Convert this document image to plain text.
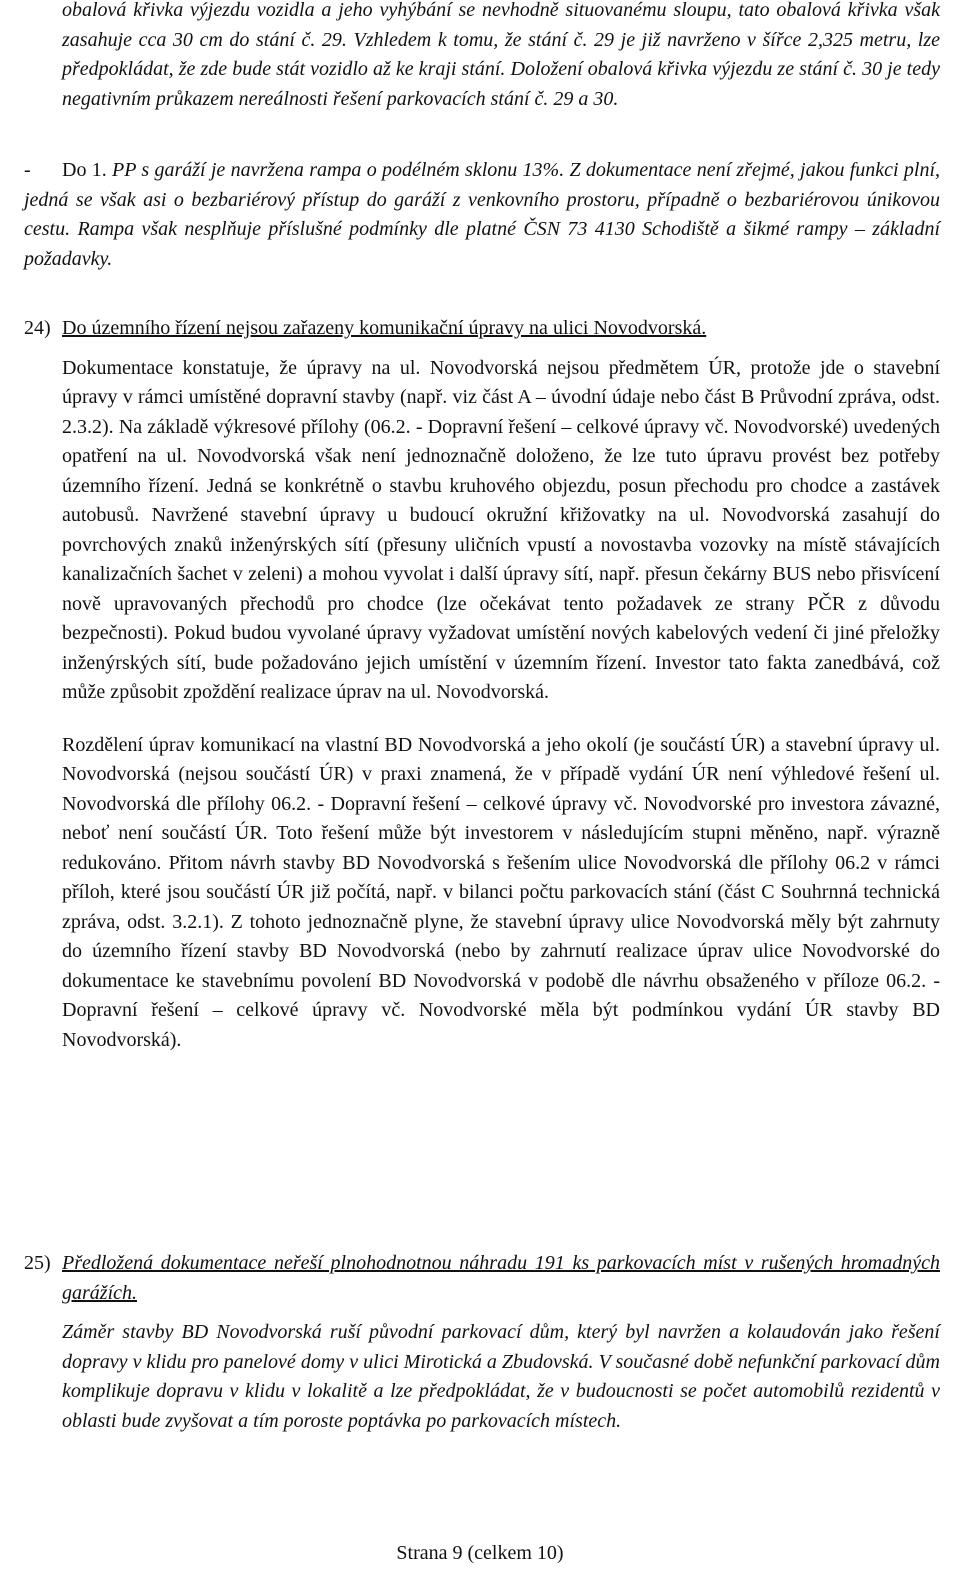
obalová křivka výjezdu vozidla a jeho vyhýbání se nevhodně situovanému sloupu, tato obalová křivka však zasahuje cca 30 cm do stání č. 29. Vzhledem k tomu, že stání č. 29 je již navrženo v šířce 2,325 metru, lze předpokládat, že zde bude stát vozidlo až ke kraji stání. Doložení obalová křivka výjezdu ze stání č. 30 je tedy negativním průkazem nereálnosti řešení parkovacích stání č. 29 a 30.

- Do 1. PP s garáží je navržena rampa o podélném sklonu 13%. Z dokumentace není zřejmé, jakou funkci plní, jedná se však asi o bezbariérový přístup do garáží z venkovního prostoru, případně o bezbariérovou únikovou cestu. Rampa však nesplňuje příslušné podmínky dle platné ČSN 73 4130 Schodiště a šikmé rampy – základní požadavky.

24) Do územního řízení nejsou zařazeny komunikační úpravy na ulici Novodvorská.

Dokumentace konstatuje, že úpravy na ul. Novodvorská nejsou předmětem ÚR, protože jde o stavební úpravy v rámci umístěné dopravní stavby (např. viz část A – úvodní údaje nebo část B Průvodní zpráva, odst. 2.3.2). Na základě výkresové přílohy (06.2. - Dopravní řešení – celkové úpravy vč. Novodvorské) uvedených opatření na ul. Novodvorská však není jednoznačně doloženo, že lze tuto úpravu provést bez potřeby územního řízení. Jedná se konkrétně o stavbu kruhového objezdu, posun přechodu pro chodce a zastávek autobusů. Navržené stavební úpravy u budoucí okružní křižovatky na ul. Novodvorská zasahují do povrchových znaků inženýrských sítí (přesuny uličních vpustí a novostavba vozovky na místě stávajících kanalizačních šachet v zeleni) a mohou vyvolat i další úpravy sítí, např. přesun čekárny BUS nebo přisvícení nově upravovaných přechodů pro chodce (lze očekávat tento požadavek ze strany PČR z důvodu bezpečnosti). Pokud budou vyvolané úpravy vyžadovat umístění nových kabelových vedení či jiné přeložky inženýrských sítí, bude požadováno jejich umístění v územním řízení. Investor tato fakta zanedbává, což může způsobit zpoždění realizace úprav na ul. Novodvorská.

Rozdělení úprav komunikací na vlastní BD Novodvorská a jeho okolí (je součástí ÚR) a stavební úpravy ul. Novodvorská (nejsou součástí ÚR) v praxi znamená, že v případě vydání ÚR není výhledové řešení ul. Novodvorská dle přílohy 06.2. - Dopravní řešení – celkové úpravy vč. Novodvorské pro investora závazné, neboť není součástí ÚR. Toto řešení může být investorem v následujícím stupni měněno, např. výrazně redukováno. Přitom návrh stavby BD Novodvorská s řešením ulice Novodvorská dle přílohy 06.2 v rámci příloh, které jsou součástí ÚR již počítá, např. v bilanci počtu parkovacích stání (část C Souhrnná technická zpráva, odst. 3.2.1). Z tohoto jednoznačně plyne, že stavební úpravy ulice Novodvorská měly být zahrnuty do územního řízení stavby BD Novodvorská (nebo by zahrnutí realizace úprav ulice Novodvorské do dokumentace ke stavebnímu povolení BD Novodvorská v podobě dle návrhu obsaženého v příloze 06.2. - Dopravní řešení – celkové úpravy vč. Novodvorské měla být podmínkou vydání ÚR stavby BD Novodvorská).

25) Předložená dokumentace neřeší plnohodnotnou náhradu 191 ks parkovacích míst v rušených hromadných garážích.

Záměr stavby BD Novodvorská ruší původní parkovací dům, který byl navržen a kolaudován jako řešení dopravy v klidu pro panelové domy v ulici Mirotická a Zbudovská. V současné době nefunkční parkovací dům komplikuje dopravu v klidu v lokalitě a lze předpokládat, že v budoucnosti se počet automobilů rezidentů v oblasti bude zvyšovat a tím poroste poptávka po parkovacích místech.

Strana 9 (celkem 10)
